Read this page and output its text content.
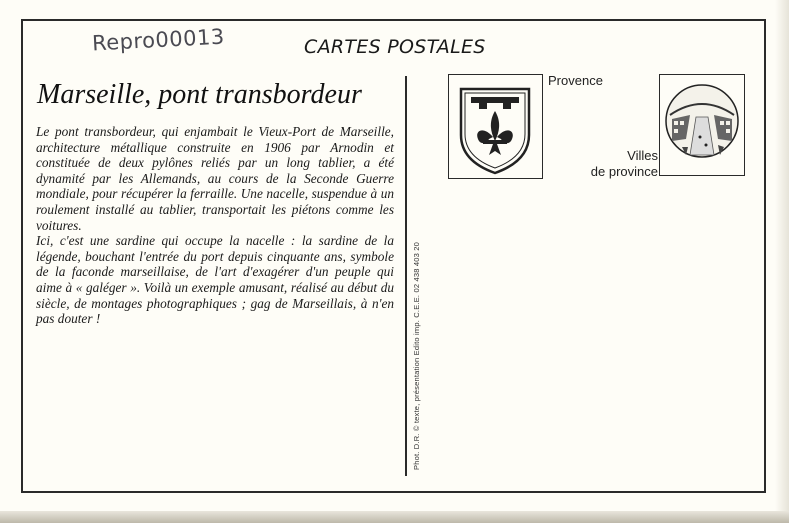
Repro00013	CARTES POSTALES
Marseille, pont transbordeur

Le pont transbordeur, qui enjambait le Vieux-Port de Marseille, architecture métallique construite en 1906 par Arnodin et constituée de deux pylônes reliés par un long tablier, a été dynamité par les Allemands, au cours de la Seconde Guerre mondiale, pour récupérer la ferraille. Une nacelle, suspendue à un roulement installé au tablier, transportait les piétons comme les voitures.

Ici, c'est une sardine qui occupe la nacelle : la sardine de la légende, bouchant l'entrée du port depuis cinquante ans, symbole de la faconde marseillaise, de l'art d'exagérer d'un peuple qui aime à « galéger ». Voilà un exemple amusant, réalisé au début du siècle, de montages photographiques ; gag de Marseillais, à n'en pas douter !	Phot. D.R. © texte, présentation Edito imp. C.E.E. 02 438 403 20
Provence
Villes
de province
